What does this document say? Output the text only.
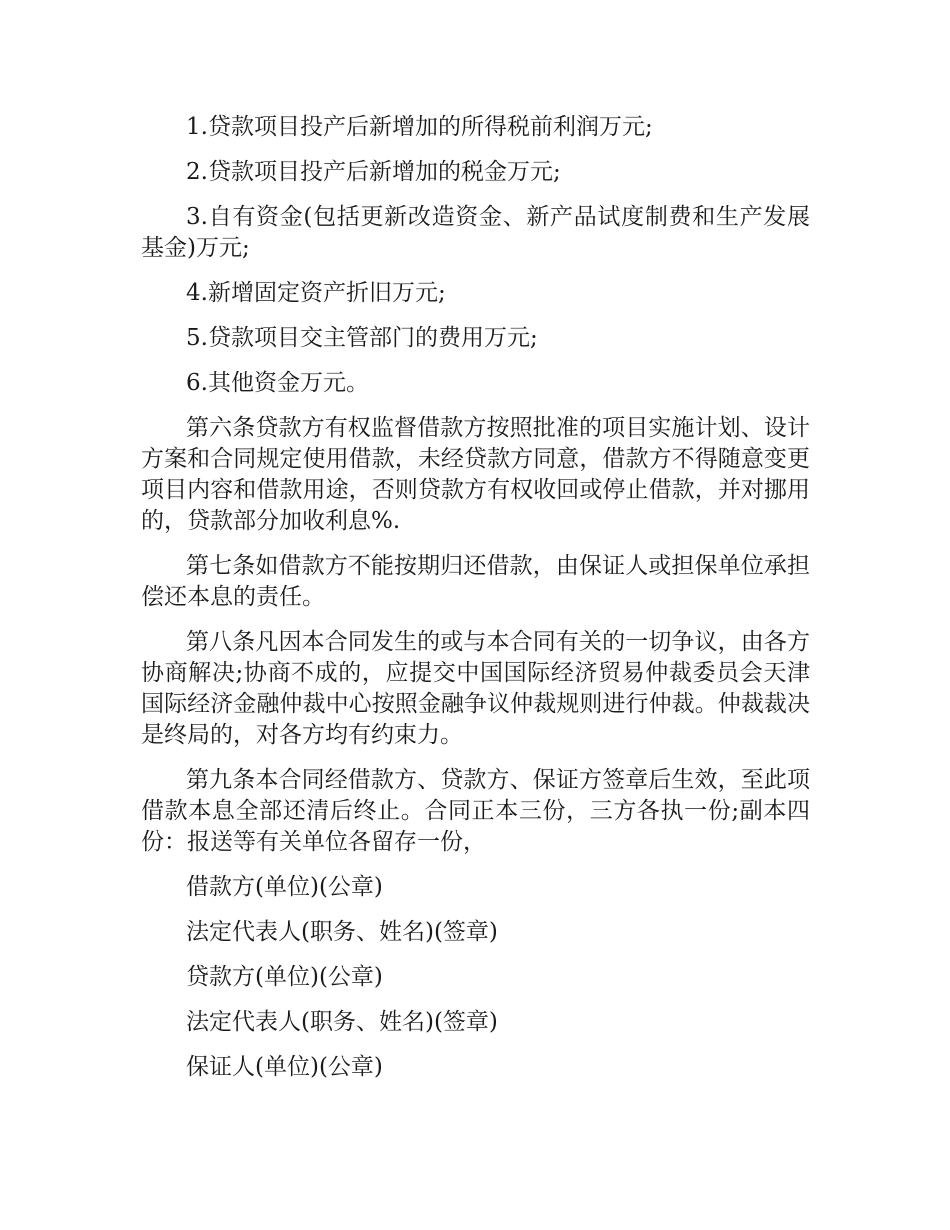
1.贷款项目投产后新增加的所得税前利润万元;

2.贷款项目投产后新增加的税金万元;

3.自有资金(包括更新改造资金、新产品试度制费和生产发展基金)万元;

4.新增固定资产折旧万元;

5.贷款项目交主管部门的费用万元;

6.其他资金万元。

第六条贷款方有权监督借款方按照批准的项目实施计划、设计方案和合同规定使用借款，未经贷款方同意，借款方不得随意变更项目内容和借款用途，否则贷款方有权收回或停止借款，并对挪用的，贷款部分加收利息%.

第七条如借款方不能按期归还借款，由保证人或担保单位承担偿还本息的责任。

第八条凡因本合同发生的或与本合同有关的一切争议，由各方协商解决;协商不成的，应提交中国国际经济贸易仲裁委员会天津国际经济金融仲裁中心按照金融争议仲裁规则进行仲裁。仲裁裁决是终局的，对各方均有约束力。

第九条本合同经借款方、贷款方、保证方签章后生效，至此项借款本息全部还清后终止。合同正本三份，三方各执一份;副本四份：报送等有关单位各留存一份，

借款方(单位)(公章)

法定代表人(职务、姓名)(签章)

贷款方(单位)(公章)

法定代表人(职务、姓名)(签章)

保证人(单位)(公章)
